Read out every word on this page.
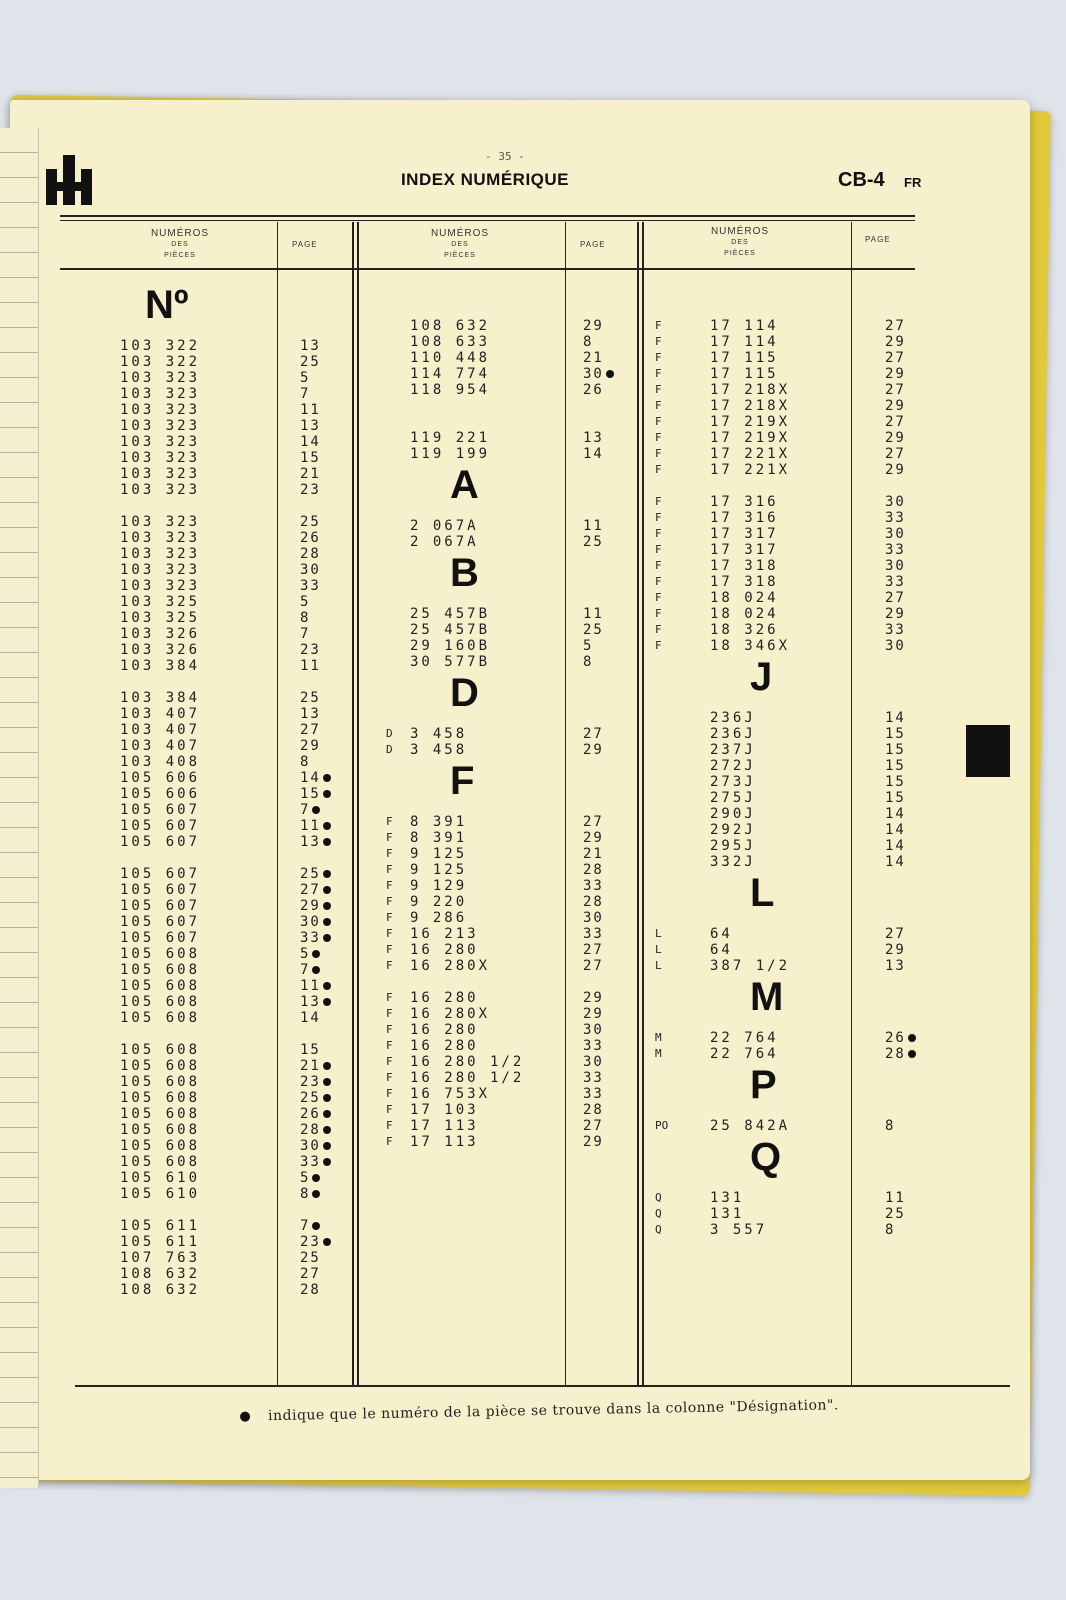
- 35 -
INDEX NUMÉRIQUE	CB-4 FR
NUMÉROS
DES
PIÈCES
PAGE
NUMÉROS
DES
PIÈCES
PAGE
NUMÉROS
DES
PIÈCES
PAGE
Nº
103 322	13
103 322	25
103 323	5
103 323	7
103 323	11
103 323	13
103 323	14
103 323	15
103 323	21
103 323	23
103 323	25
103 323	26
103 323	28
103 323	30
103 323	33
103 325	5
103 325	8
103 326	7
103 326	23
103 384	11
103 384	25
103 407	13
103 407	27
103 407	29
103 408	8
105 606	14
105 606	15
105 607	7
105 607	11
105 607	13
105 607	25
105 607	27
105 607	29
105 607	30
105 607	33
105 608	5
105 608	7
105 608	11
105 608	13
105 608	14
105 608	15
105 608	21
105 608	23
105 608	25
105 608	26
105 608	28
105 608	30
105 608	33
105 610	5
105 610	8
105 611	7
105 611	23
107 763	25
108 632	27
108 632	28
108 632	29
108 633	8
110 448	21
114 774	30
118 954	26
119 221	13
119 199	14
A
2 067A	11
2 067A	25
B
25 457B	11
25 457B	25
29 160B	5
30 577B	8
D
D 3 458	27
D 3 458	29
F
F 8 391	27
F 8 391	29
F 9 125	21
F 9 125	28
F 9 129	33
F 9 220	28
F 9 286	30
F 16 213	33
F 16 280	27
F 16 280X	27
F 16 280	29
F 16 280X	29
F 16 280	30
F 16 280	33
F 16 280 1/2	30
F 16 280 1/2	33
F 16 753X	33
F 17 103	28
F 17 113	27
F 17 113	29
F	17 114	27
F	17 114	29
F	17 115	27
F	17 115	29
F	17 218X	27
F	17 218X	29
F	17 219X	27
F	17 219X	29
F	17 221X	27
F	17 221X	29
F	17 316	30
F	17 316	33
F	17 317	30
F	17 317	33
F	17 318	30
F	17 318	33
F	18 024	27
F	18 024	29
F	18 326	33
F	18 346X	30
J
236J	14
236J	15
237J	15
272J	15
273J	15
275J	15
290J	14
292J	14
295J	14
332J	14
L
L	64	27
L	64	29
L	387 1/2	13
M
M	22 764	26
M	22 764	28
P
PO	25 842A	8
Q
Q	131	11
Q	131	25
Q	3 557	8
indique que le numéro de la pièce se trouve dans la colonne "Désignation".
